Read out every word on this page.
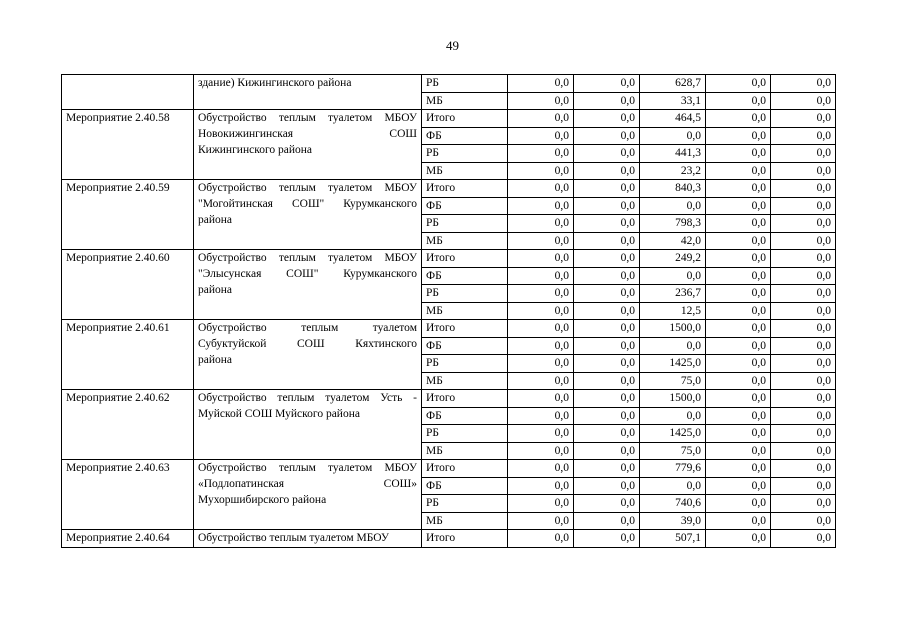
49

	здание) Кижингинского района	РБ	0,0	0,0	628,7	0,0	0,0
		МБ	0,0	0,0	33,1	0,0	0,0
Мероприятие 2.40.58	Обустройство теплым туалетом МБОУ
Новокижингинская СОШ
Кижингинского района	Итого	0,0	0,0	464,5	0,0	0,0
		ФБ	0,0	0,0	0,0	0,0	0,0
		РБ	0,0	0,0	441,3	0,0	0,0
		МБ	0,0	0,0	23,2	0,0	0,0
Мероприятие 2.40.59	Обустройство теплым туалетом МБОУ
"Могойтинская СОШ" Курумканского
района	Итого	0,0	0,0	840,3	0,0	0,0
		ФБ	0,0	0,0	0,0	0,0	0,0
		РБ	0,0	0,0	798,3	0,0	0,0
		МБ	0,0	0,0	42,0	0,0	0,0
Мероприятие 2.40.60	Обустройство теплым туалетом МБОУ
"Элысунская СОШ" Курумканского
района	Итого	0,0	0,0	249,2	0,0	0,0
		ФБ	0,0	0,0	0,0	0,0	0,0
		РБ	0,0	0,0	236,7	0,0	0,0
		МБ	0,0	0,0	12,5	0,0	0,0
Мероприятие 2.40.61	Обустройство теплым туалетом
Субуктуйской СОШ Кяхтинского
района	Итого	0,0	0,0	1500,0	0,0	0,0
		ФБ	0,0	0,0	0,0	0,0	0,0
		РБ	0,0	0,0	1425,0	0,0	0,0
		МБ	0,0	0,0	75,0	0,0	0,0
Мероприятие 2.40.62	Обустройство теплым туалетом Усть -
Муйской СОШ Муйского района	Итого	0,0	0,0	1500,0	0,0	0,0
		ФБ	0,0	0,0	0,0	0,0	0,0
		РБ	0,0	0,0	1425,0	0,0	0,0
		МБ	0,0	0,0	75,0	0,0	0,0
Мероприятие 2.40.63	Обустройство теплым туалетом МБОУ
«Подлопатинская СОШ»
Мухоршибирского района	Итого	0,0	0,0	779,6	0,0	0,0
		ФБ	0,0	0,0	0,0	0,0	0,0
		РБ	0,0	0,0	740,6	0,0	0,0
		МБ	0,0	0,0	39,0	0,0	0,0
Мероприятие 2.40.64	Обустройство теплым туалетом МБОУ	Итого	0,0	0,0	507,1	0,0	0,0
